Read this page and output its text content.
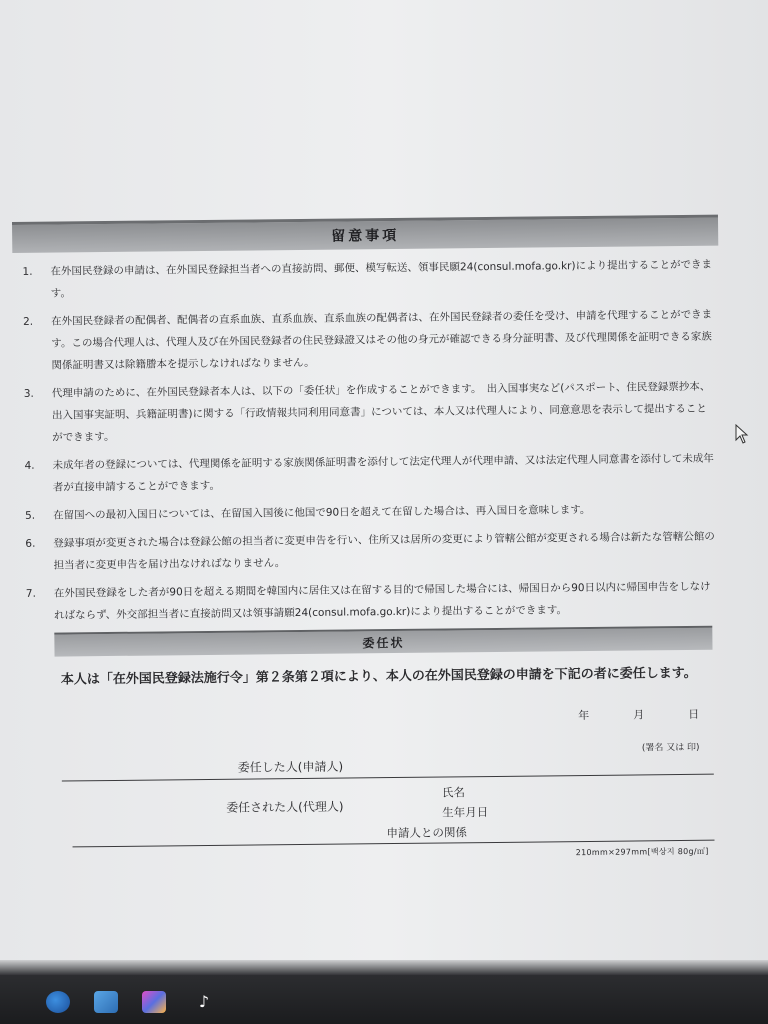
留意事項
1.	在外国民登録の申請は、在外国民登録担当者への直接訪問、郵便、模写転送、領事民願24(consul.mofa.go.kr)により提出することができます。
2.	在外国民登録者の配偶者、配偶者の直系血族、直系血族、直系血族の配偶者は、在外国民登録者の委任を受け、申請を代理することができます。この場合代理人は、代理人及び在外国民登録者の住民登録證又はその他の身元が確認できる身分証明書、及び代理関係を証明できる家族関係証明書又は除籍謄本を提示しなければなりません。
3.	代理申請のために、在外国民登録者本人は、以下の「委任状」を作成することができます。　出入国事実など(パスポート、住民登録票抄本、出入国事実証明、兵籍証明書)に関する「行政情報共同利用同意書」については、本人又は代理人により、同意意思を表示して提出することができます。
4.	未成年者の登録については、代理関係を証明する家族関係証明書を添付して法定代理人が代理申請、又は法定代理人同意書を添付して未成年者が直接申請することができます。
5.	在留国への最初入国日については、在留国入国後に他国で90日を超えて在留した場合は、再入国日を意味します。
6.	登録事項が変更された場合は登録公館の担当者に変更申告を行い、住所又は居所の変更により管轄公館が変更される場合は新たな管轄公館の担当者に変更申告を届け出なければなりません。
7.	在外国民登録をした者が90日を超える期間を韓国内に居住又は在留する目的で帰国した場合には、帰国日から90日以内に帰国申告をしなければならず、外交部担当者に直接訪問又は領事請願24(consul.mofa.go.kr)により提出することができます。
委任状
本人は「在外国民登録法施行令」第２条第２項により、本人の在外国民登録の申請を下記の者に委任します。
年	月	日
(署名 又は 印)
委任した人(申請人)
委任された人(代理人)
氏名
生年月日
申請人との関係
210mm×297mm[백상지 80g/㎡]
♪
